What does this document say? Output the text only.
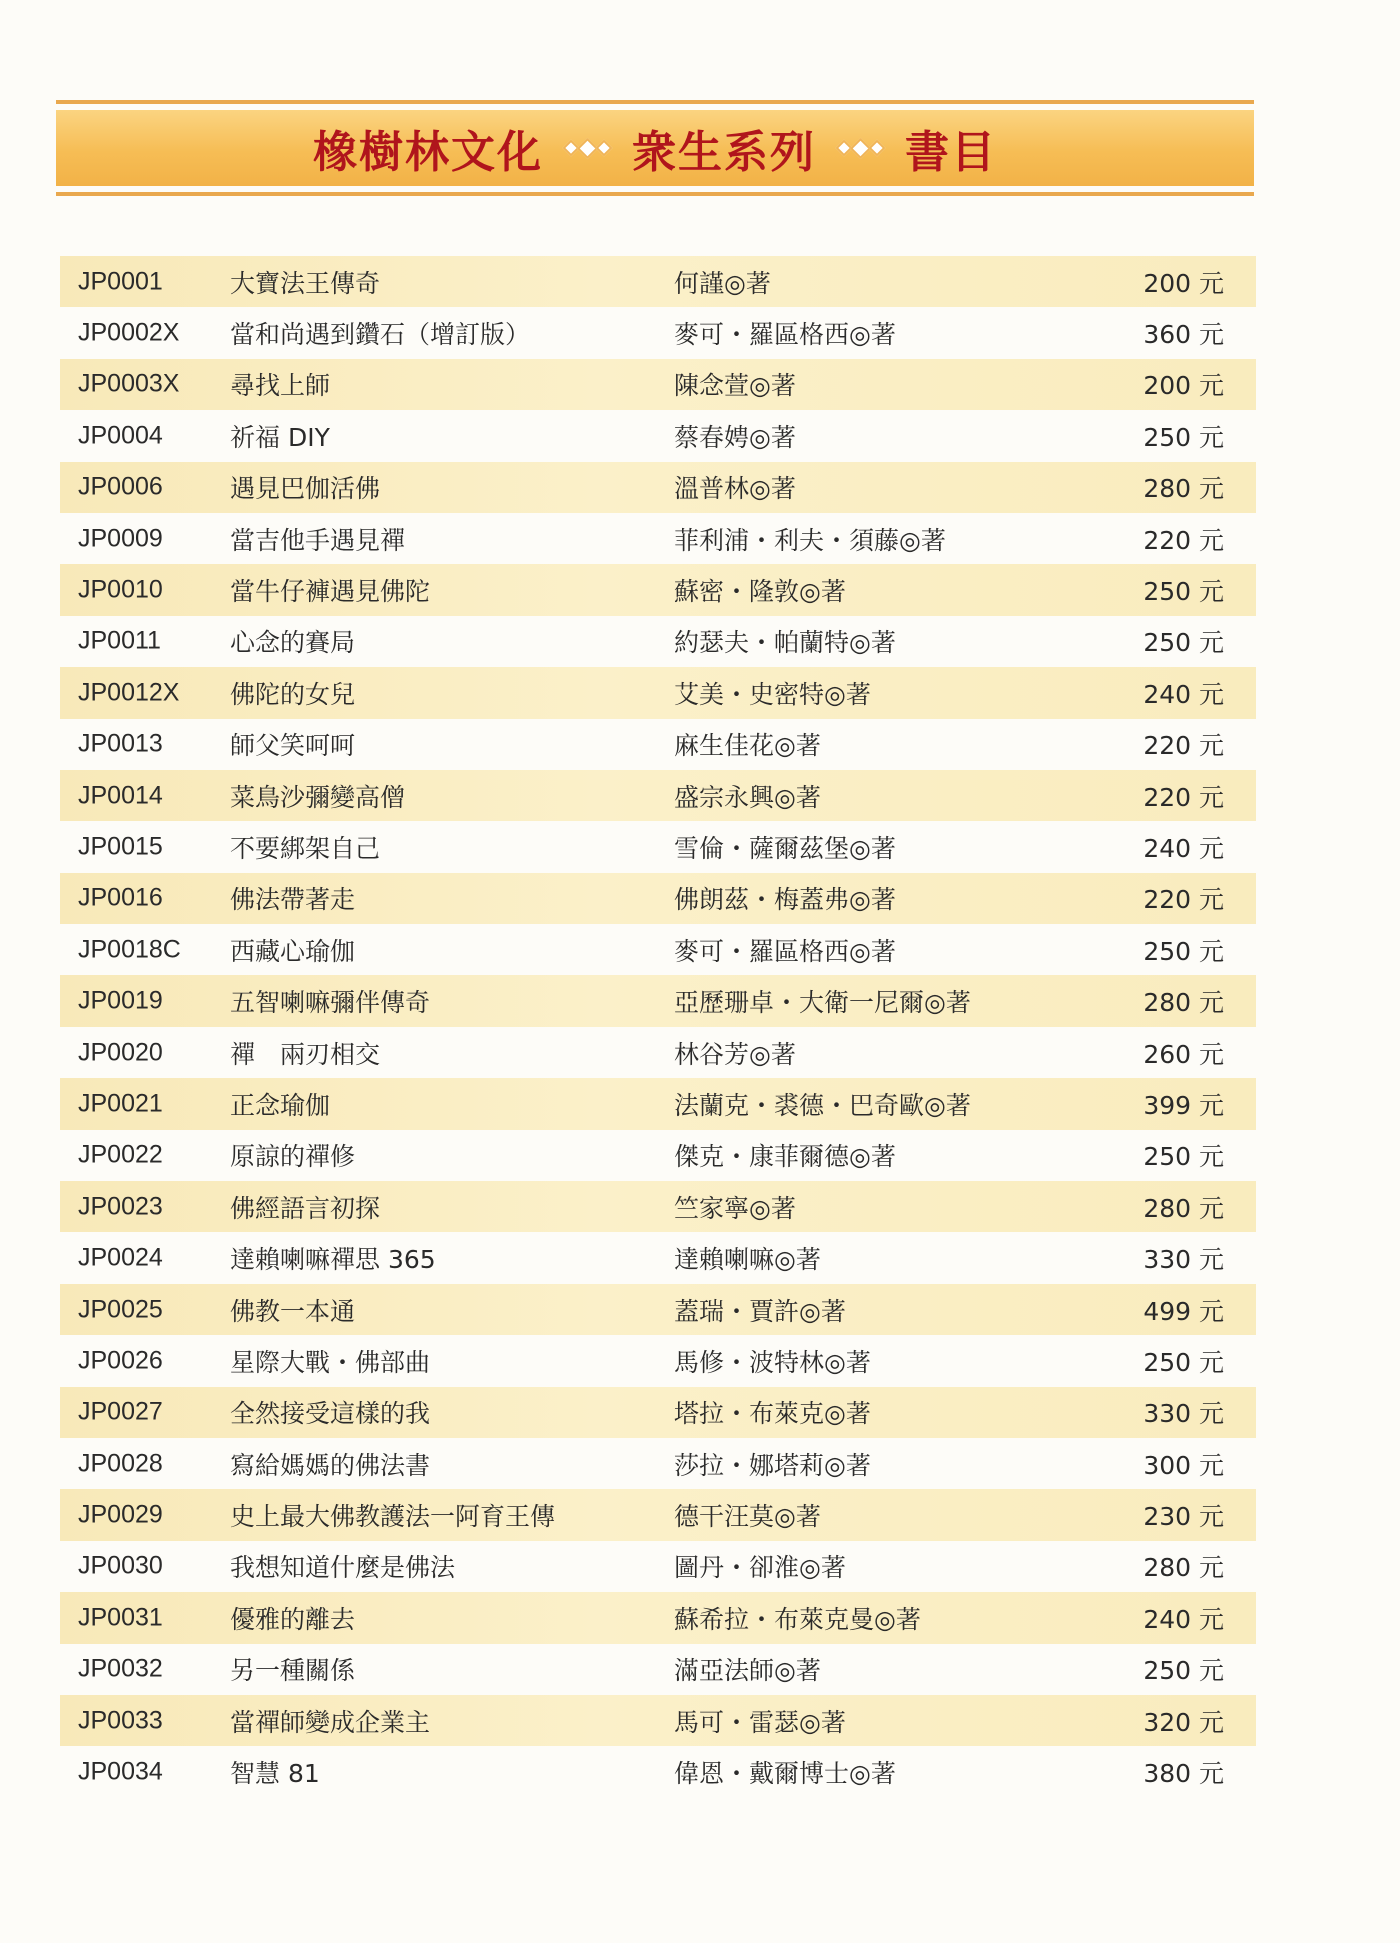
橡樹林文化 衆生系列 書目
JP0001	大寶法王傳奇	何謹◎著	200 元
JP0002X 當和尚遇到鑽石（增訂版）	麥可・羅區格西◎著	360 元
JP0003X 尋找上師	陳念萱◎著	200 元
JP0004	祈福 DIY	蔡春娉◎著	250 元
JP0006	遇見巴伽活佛	溫普林◎著	280 元
JP0009	當吉他手遇見禪	菲利浦・利夫・須藤◎著	220 元
JP0010	當牛仔褲遇見佛陀	蘇密・隆敦◎著	250 元
JP0011	心念的賽局	約瑟夫・帕蘭特◎著	250 元
JP0012X 佛陀的女兒	艾美・史密特◎著	240 元
JP0013	師父笑呵呵	麻生佳花◎著	220 元
JP0014	菜鳥沙彌變高僧	盛宗永興◎著	220 元
JP0015	不要綁架自己	雪倫・薩爾茲堡◎著	240 元
JP0016	佛法帶著走	佛朗茲・梅蓋弗◎著	220 元
JP0018C 西藏心瑜伽	麥可・羅區格西◎著	250 元
JP0019	五智喇嘛彌伴傳奇	亞歷珊卓・大衛一尼爾◎著	280 元
JP0020	禪　兩刃相交	林谷芳◎著	260 元
JP0021	正念瑜伽	法蘭克・裘德・巴奇歐◎著	399 元
JP0022	原諒的禪修	傑克・康菲爾德◎著	250 元
JP0023	佛經語言初探	竺家寧◎著	280 元
JP0024	達賴喇嘛禪思 365	達賴喇嘛◎著	330 元
JP0025	佛教一本通	蓋瑞・賈許◎著	499 元
JP0026	星際大戰・佛部曲	馬修・波特林◎著	250 元
JP0027	全然接受這樣的我	塔拉・布萊克◎著	330 元
JP0028	寫給媽媽的佛法書	莎拉・娜塔莉◎著	300 元
JP0029	史上最大佛教護法一阿育王傳	德干汪莫◎著	230 元
JP0030	我想知道什麼是佛法	圖丹・卻淮◎著	280 元
JP0031	優雅的離去	蘇希拉・布萊克曼◎著	240 元
JP0032	另一種關係	滿亞法師◎著	250 元
JP0033	當禪師變成企業主	馬可・雷瑟◎著	320 元
JP0034	智慧 81	偉恩・戴爾博士◎著	380 元
